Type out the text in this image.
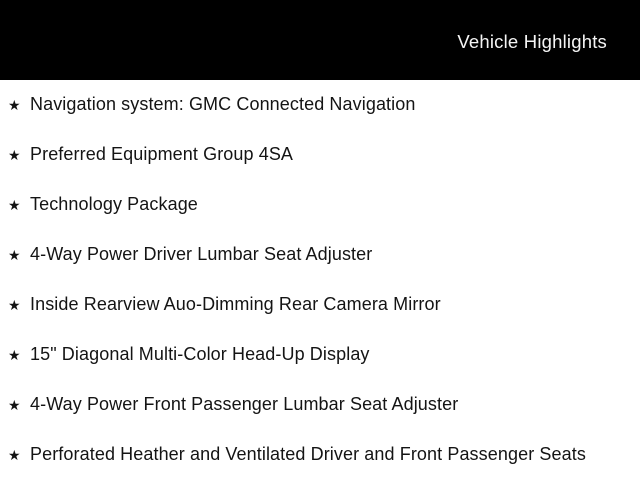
Vehicle Highlights
★ Navigation system: GMC Connected Navigation
★ Preferred Equipment Group 4SA
★ Technology Package
★ 4-Way Power Driver Lumbar Seat Adjuster
★ Inside Rearview Auo-Dimming Rear Camera Mirror
★ 15" Diagonal Multi-Color Head-Up Display
★ 4-Way Power Front Passenger Lumbar Seat Adjuster
★ Perforated Heather and Ventilated Driver and Front Passenger Seats
